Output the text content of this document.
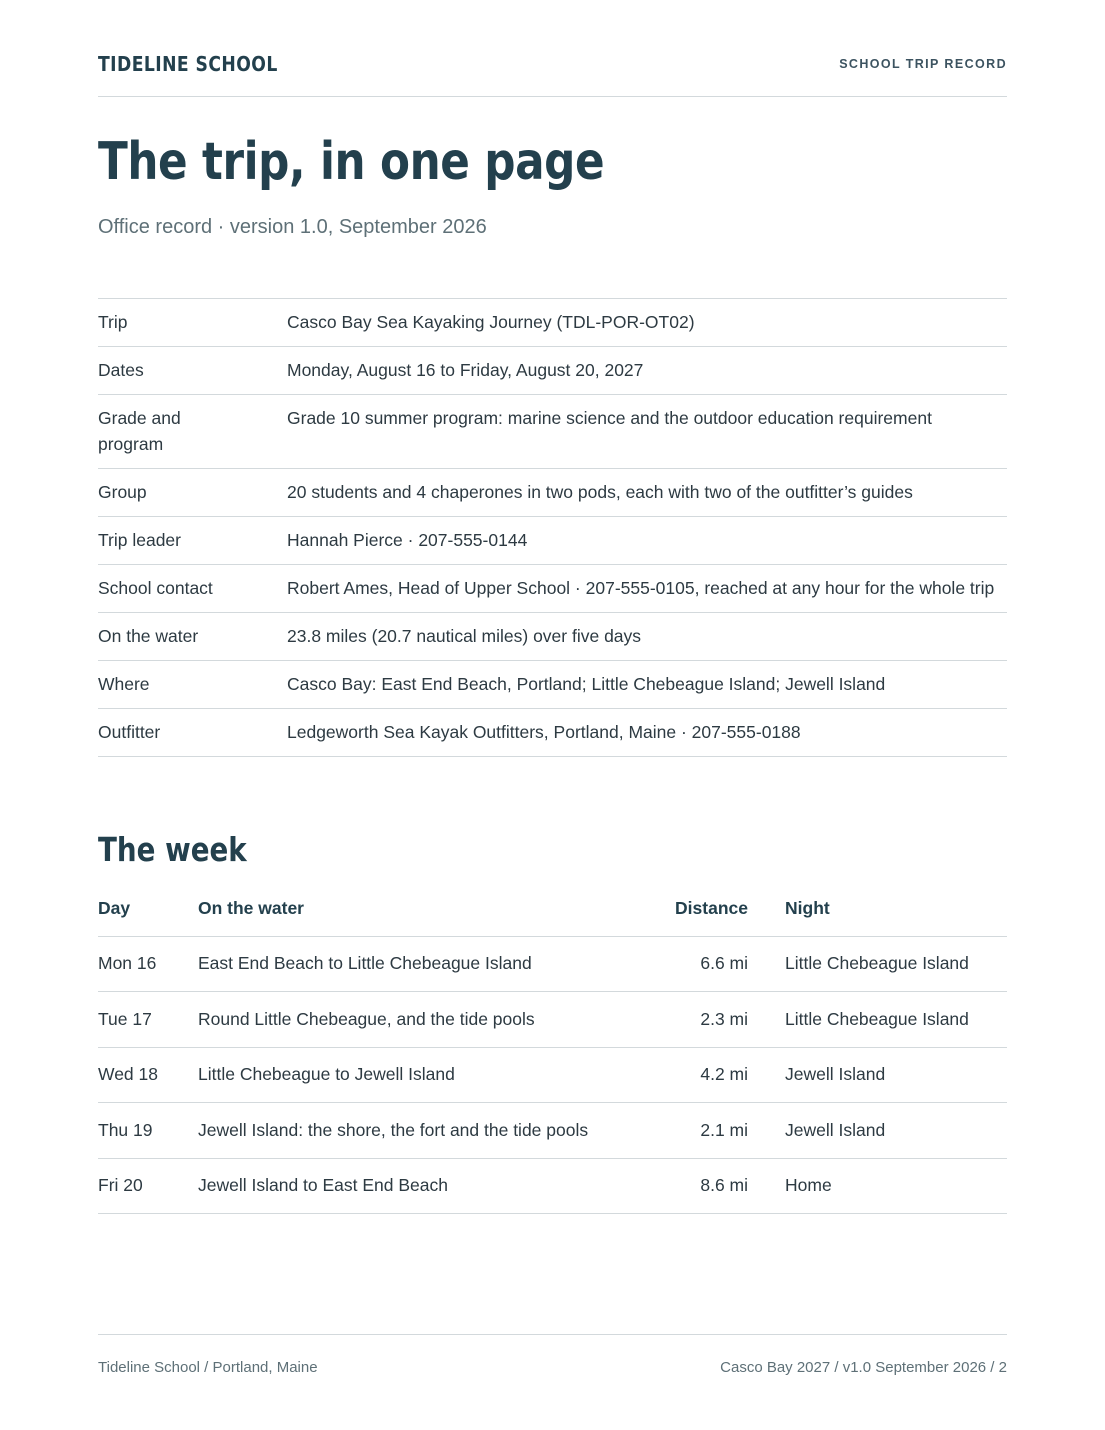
TIDELINE SCHOOL	SCHOOL TRIP RECORD
The trip, in one page
Office record · version 1.0, September 2026
Trip	Casco Bay Sea Kayaking Journey (TDL-POR-OT02)
Dates	Monday, August 16 to Friday, August 20, 2027
Grade and program	Grade 10 summer program: marine science and the outdoor education requirement
Group	20 students and 4 chaperones in two pods, each with two of the outfitter’s guides
Trip leader	Hannah Pierce · 207-555-0144
School contact	Robert Ames, Head of Upper School · 207-555-0105, reached at any hour for the whole trip
On the water	23.8 miles (20.7 nautical miles) over five days
Where	Casco Bay: East End Beach, Portland; Little Chebeague Island; Jewell Island
Outfitter	Ledgeworth Sea Kayak Outfitters, Portland, Maine · 207-555-0188
The week
Day	On the water	Distance	Night
Mon 16	East End Beach to Little Chebeague Island	6.6 mi	Little Chebeague Island
Tue 17	Round Little Chebeague, and the tide pools	2.3 mi	Little Chebeague Island
Wed 18	Little Chebeague to Jewell Island	4.2 mi	Jewell Island
Thu 19	Jewell Island: the shore, the fort and the tide pools	2.1 mi	Jewell Island
Fri 20	Jewell Island to East End Beach	8.6 mi	Home
Tideline School / Portland, Maine	Casco Bay 2027 / v1.0 September 2026 / 2
